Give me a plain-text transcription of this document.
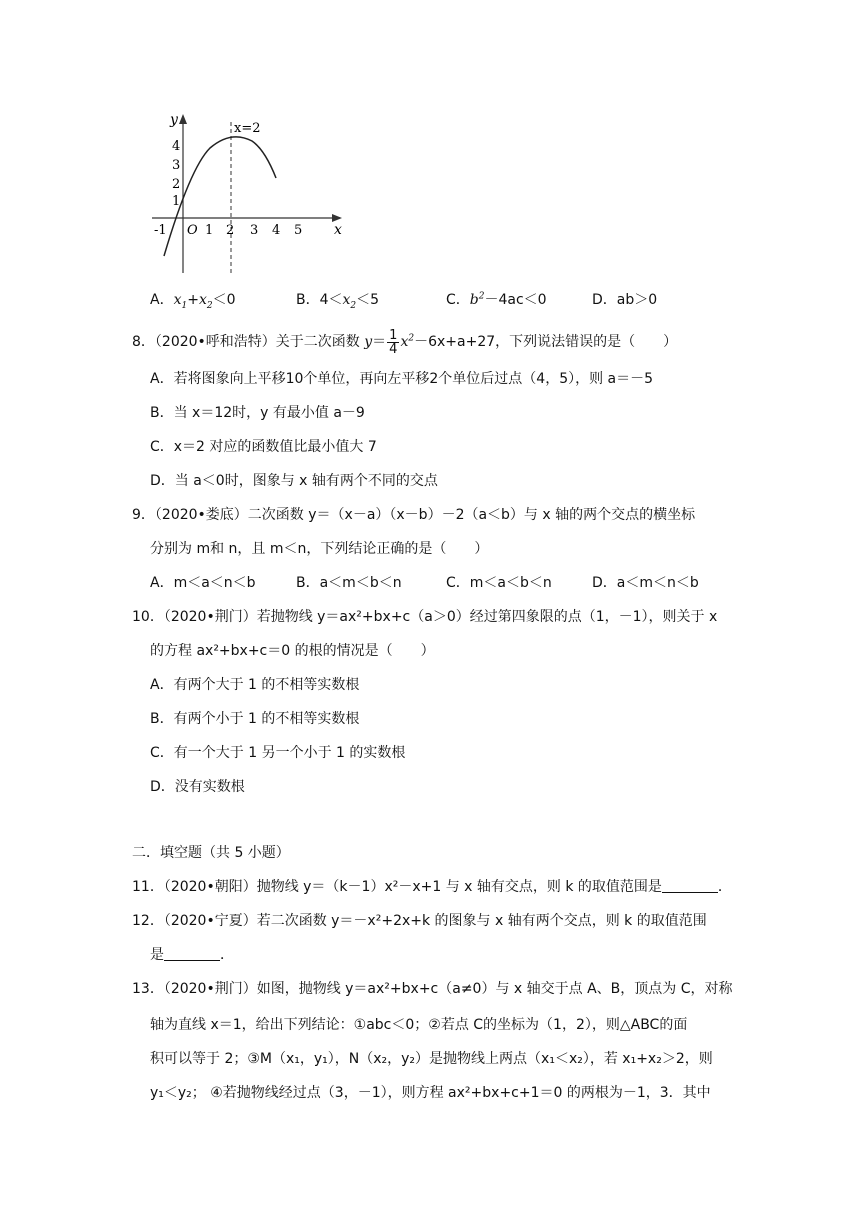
y
x
O
-1	1 2 3 4 5
1
2
3
4
x=2
A．$x_1+x_2<0$	B．$4<x_2<5$	C．$b^2-4ac<0$	D．ab＞0
8．（2020•呼和浩特）关于二次函数 $y= \frac{1}{4} x^2-6x+a+27$，下列说法错误的是（　　）
A．若将图象向上平移10个单位，再向左平移2个单位后过点（4，5），则 a＝－5
B．当 x＝12时，y 有最小值 a－9
C．x＝2 对应的函数值比最小值大 7
D．当 a＜0时，图象与 x 轴有两个不同的交点
9．（2020•娄底）二次函数 y＝（x－a）（x－b）－2（a＜b）与 x 轴的两个交点的横坐标
分别为 m和 n，且 m＜n，下列结论正确的是（　　）
A．m＜a＜n＜b	B．a＜m＜b＜n	C．m＜a＜b＜n	D．a＜m＜n＜b
10．（2020•荆门）若抛物线 y＝ax²+bx+c（a＞0）经过第四象限的点（1，－1），则关于 x
的方程 ax²+bx+c＝0 的根的情况是（　　）
A．有两个大于 1 的不相等实数根
B．有两个小于 1 的不相等实数根
C．有一个大于 1 另一个小于 1 的实数根
D．没有实数根
二．填空题（共 5 小题）
11．（2020•朝阳）抛物线 y＝（k－1）x²－x+1 与 x 轴有交点，则 k 的取值范围是	．
12．（2020•宁夏）若二次函数 y＝－x²+2x+k 的图象与 x 轴有两个交点，则 k 的取值范围
是	．
13．（2020•荆门）如图，抛物线 y＝ax²+bx+c（a≠0）与 x 轴交于点 A、B，顶点为 C，对称
轴为直线 x＝1，给出下列结论：①abc＜0；②若点 C的坐标为（1，2），则△ABC的面
积可以等于 2；③M（x₁，y₁），N（x₂，y₂）是抛物线上两点（x₁＜x₂），若 x₁+x₂＞2，则
y₁＜y₂； ④若抛物线经过点（3，－1），则方程 ax²+bx+c+1＝0 的两根为－1，3．其中
